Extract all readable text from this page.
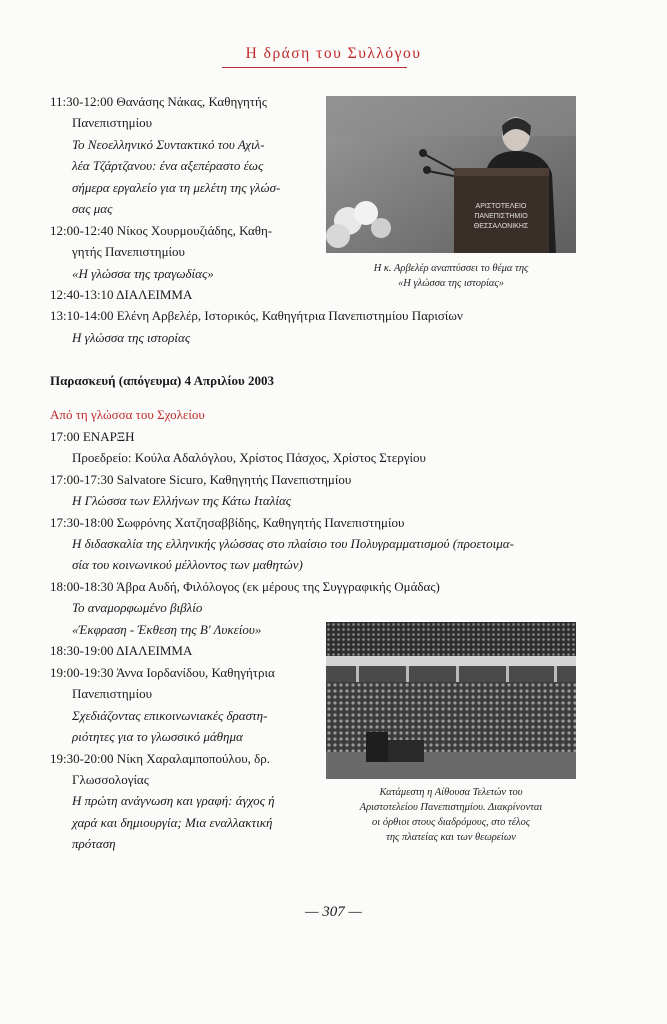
Η δράση του Συλλόγου
11:30-12:00 Θανάσης Νάκας, Καθηγητής
Πανεπιστημίου
Το Νεοελληνικό Συντακτικό του Αχιλ-
λέα Τζάρτζανου: ένα αξεπέραστο έως
σήμερα εργαλείο για τη μελέτη της γλώσ-
σας μας
12:00-12:40 Νίκος Χουρμουζιάδης, Καθη-
γητής Πανεπιστημίου
«Η γλώσσα της τραγωδίας»
12:40-13:10 ΔΙΑΛΕΙΜΜΑ
13:10-14:00 Ελένη Αρβελέρ, Ιστορικός, Καθηγήτρια Πανεπιστημίου Παρισίων
Η γλώσσα της ιστορίας
ΑΡΙΣΤΟΤΕΛΕΙΟ
ΠΑΝΕΠΙΣΤΗΜΙΟ
ΘΕΣΣΑΛΟΝΙΚΗΣ
Η κ. Αρβελέρ αναπτύσσει το θέμα της
«Η γλώσσα της ιστορίας»
Παρασκευή (απόγευμα) 4 Απριλίου 2003
Από τη γλώσσα του Σχολείου
17:00 ΕΝΑΡΞΗ
Προεδρείο: Κούλα Αδαλόγλου, Χρίστος Πάσχος, Χρίστος Στεργίου
17:00-17:30 Salvatore Sicuro, Καθηγητής Πανεπιστημίου
Η Γλώσσα των Ελλήνων της Κάτω Ιταλίας
17:30-18:00 Σωφρόνης Χατζησαββίδης, Καθηγητής Πανεπιστημίου
Η διδασκαλία της ελληνικής γλώσσας στο πλαίσιο του Πολυγραμματισμού (προετοιμα-
σία του κοινωνικού μέλλοντος των μαθητών)
18:00-18:30 Άβρα Αυδή, Φιλόλογος (εκ μέρους της Συγγραφικής Ομάδας)
Το αναμορφωμένο βιβλίο
«Έκφραση - Έκθεση της Β' Λυκείου»
18:30-19:00 ΔΙΑΛΕΙΜΜΑ
19:00-19:30 Άννα Ιορδανίδου, Καθηγήτρια
Πανεπιστημίου
Σχεδιάζοντας επικοινωνιακές δραστη-
ριότητες για το γλωσσικό μάθημα
19:30-20:00 Νίκη Χαραλαμποπούλου, δρ.
Γλωσσολογίας
Η πρώτη ανάγνωση και γραφή: άγχος ή
χαρά και δημιουργία; Μια εναλλακτική
πρόταση
Κατάμεστη η Αίθουσα Τελετών του
Αριστοτελείου Πανεπιστημίου. Διακρίνονται
οι όρθιοι στους διαδρόμους, στο τέλος
της πλατείας και των θεωρείων
— 307 —
